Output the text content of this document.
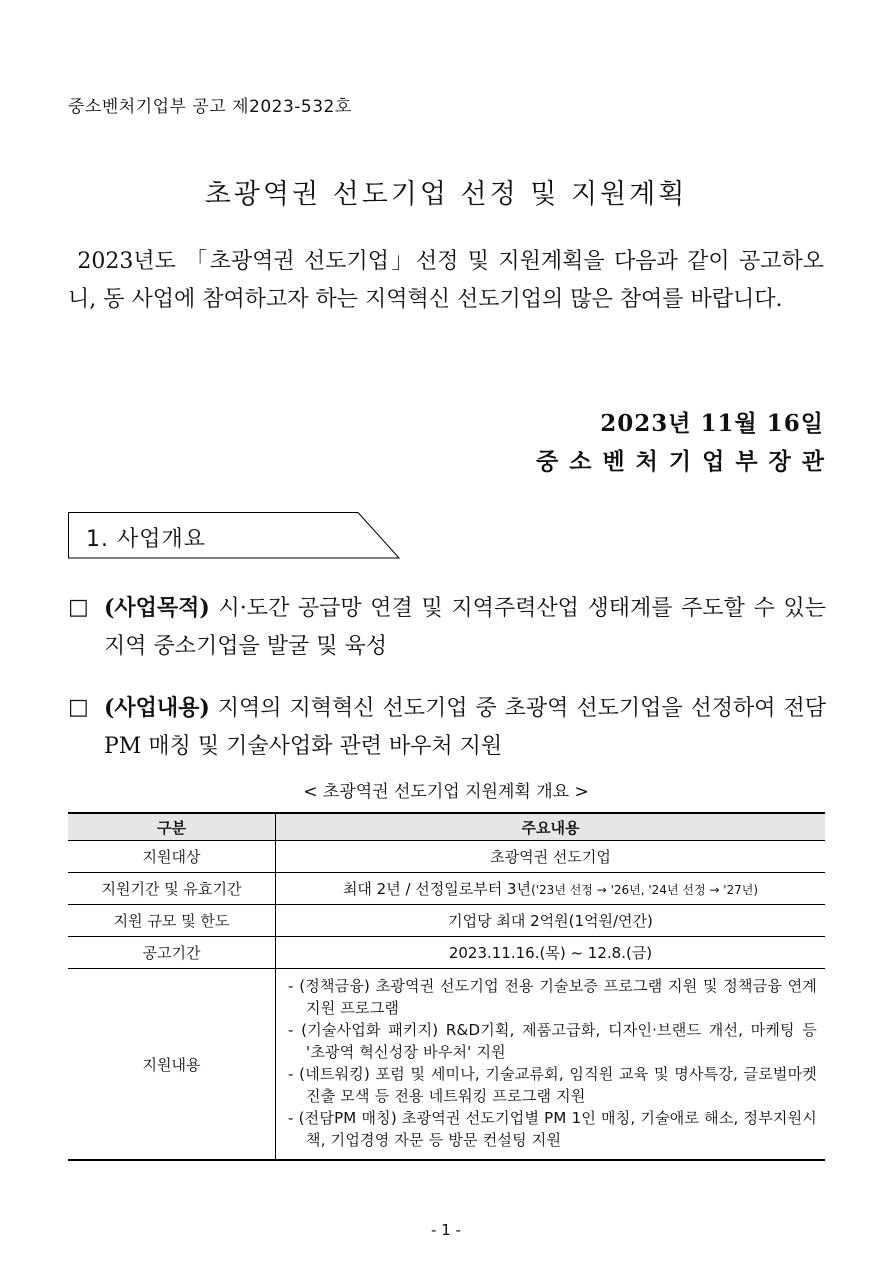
중소벤처기업부 공고 제2023-532호
초광역권 선도기업 선정 및 지원계획
2023년도 「초광역권 선도기업」선정 및 지원계획을 다음과 같이 공고하오니, 동 사업에 참여하고자 하는 지역혁신 선도기업의 많은 참여를 바랍니다.
2023년 11월 16일
중소벤처기업부장관
1. 사업개요
□ (사업목적) 시·도간 공급망 연결 및 지역주력산업 생태계를 주도할 수 있는 지역 중소기업을 발굴 및 육성
□ (사업내용) 지역의 지혁혁신 선도기업 중 초광역 선도기업을 선정하여 전담PM 매칭 및 기술사업화 관련 바우처 지원
< 초광역권 선도기업 지원계획 개요 >
구분	주요내용
지원대상	초광역권 선도기업
지원기간 및 유효기간	최대 2년 / 선정일로부터 3년('23년 선정 → '26년, '24년 선정 → '27년)
지원 규모 및 한도	기업당 최대 2억원(1억원/연간)
공고기간	2023.11.16.(목) ~ 12.8.(금)
지원내용	- (정책금융) 초광역권 선도기업 전용 기술보증 프로그램 지원 및 정책금융 연계지원 프로그램
- (기술사업화 패키지) R&D기획, 제품고급화, 디자인·브랜드 개선, 마케팅 등 '초광역 혁신성장 바우처' 지원
- (네트워킹) 포럼 및 세미나, 기술교류회, 임직원 교육 및 명사특강, 글로벌마켓 진출 모색 등 전용 네트워킹 프로그램 지원
- (전담PM 매칭) 초광역권 선도기업별 PM 1인 매칭, 기술애로 해소, 정부지원시책, 기업경영 자문 등 방문 컨설팅 지원
- 1 -
